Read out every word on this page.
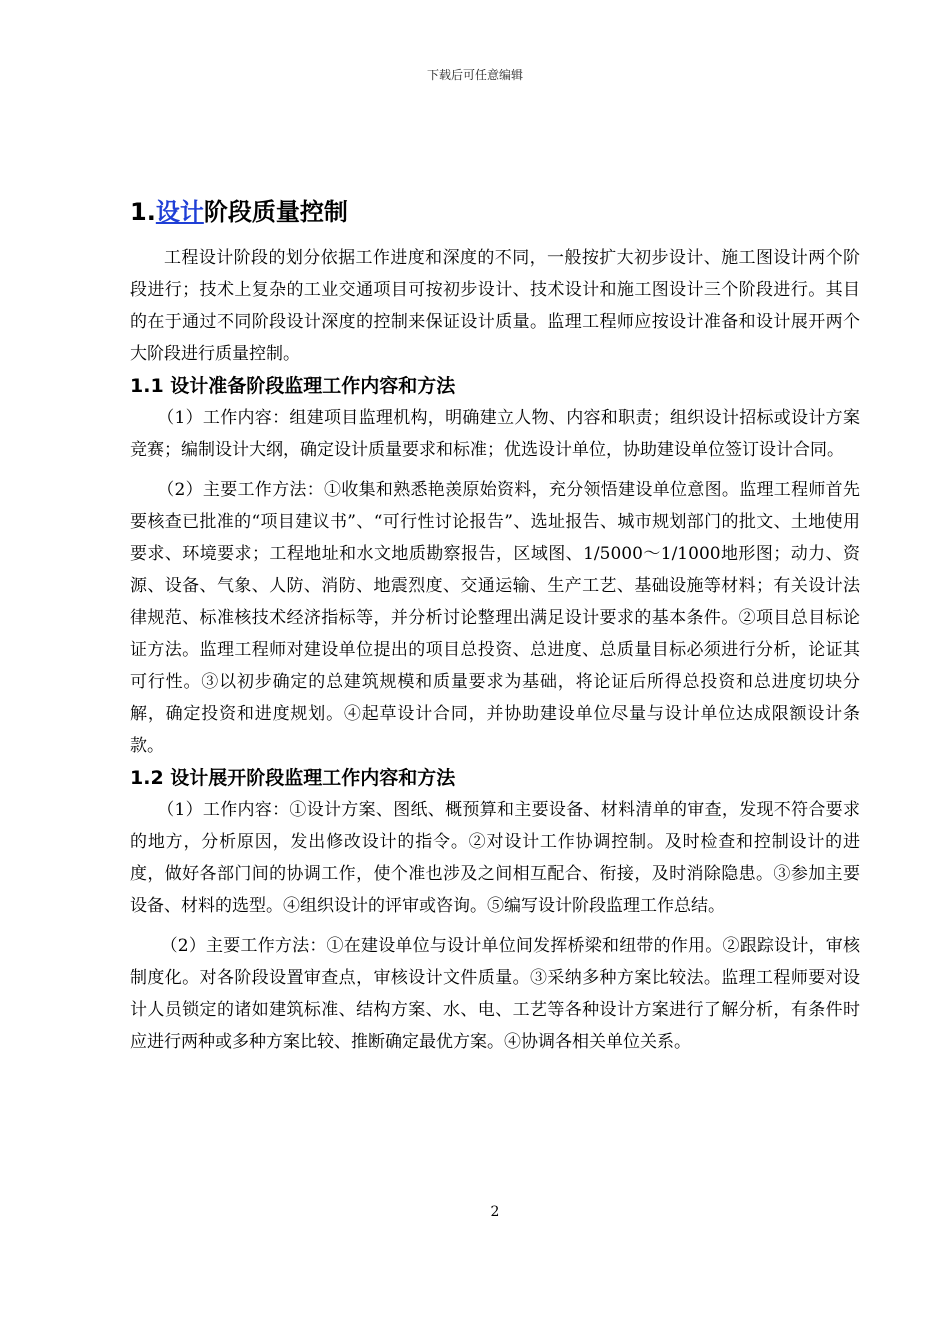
下载后可任意编辑
1.设计阶段质量控制

工程设计阶段的划分依据工作进度和深度的不同，一般按扩大初步设计、施工图设计两个阶段进行；技术上复杂的工业交通项目可按初步设计、技术设计和施工图设计三个阶段进行。其目的在于通过不同阶段设计深度的控制来保证设计质量。监理工程师应按设计准备和设计展开两个大阶段进行质量控制。

1.1 设计准备阶段监理工作内容和方法

（1）工作内容：组建项目监理机构，明确建立人物、内容和职责；组织设计招标或设计方案竞赛；编制设计大纲，确定设计质量要求和标准；优选设计单位，协助建设单位签订设计合同。

（2）主要工作方法：①收集和熟悉艳羡原始资料，充分领悟建设单位意图。监理工程师首先要核查已批准的“项目建议书”、“可行性讨论报告”、选址报告、城市规划部门的批文、土地使用要求、环境要求；工程地址和水文地质勘察报告，区域图、1/5000～1/1000地形图；动力、资源、设备、气象、人防、消防、地震烈度、交通运输、生产工艺、基础设施等材料；有关设计法律规范、标准核技术经济指标等，并分析讨论整理出满足设计要求的基本条件。②项目总目标论证方法。监理工程师对建设单位提出的项目总投资、总进度、总质量目标必须进行分析，论证其可行性。③以初步确定的总建筑规模和质量要求为基础，将论证后所得总投资和总进度切块分解，确定投资和进度规划。④起草设计合同，并协助建设单位尽量与设计单位达成限额设计条款。

1.2 设计展开阶段监理工作内容和方法

（1）工作内容：①设计方案、图纸、概预算和主要设备、材料清单的审查，发现不符合要求的地方，分析原因，发出修改设计的指令。②对设计工作协调控制。及时检查和控制设计的进度，做好各部门间的协调工作，使个准也涉及之间相互配合、衔接，及时消除隐患。③参加主要设备、材料的选型。④组织设计的评审或咨询。⑤编写设计阶段监理工作总结。

（2）主要工作方法：①在建设单位与设计单位间发挥桥梁和纽带的作用。②跟踪设计，审核制度化。对各阶段设置审查点，审核设计文件质量。③采纳多种方案比较法。监理工程师要对设计人员锁定的诸如建筑标准、结构方案、水、电、工艺等各种设计方案进行了解分析，有条件时应进行两种或多种方案比较、推断确定最优方案。④协调各相关单位关系。

2
